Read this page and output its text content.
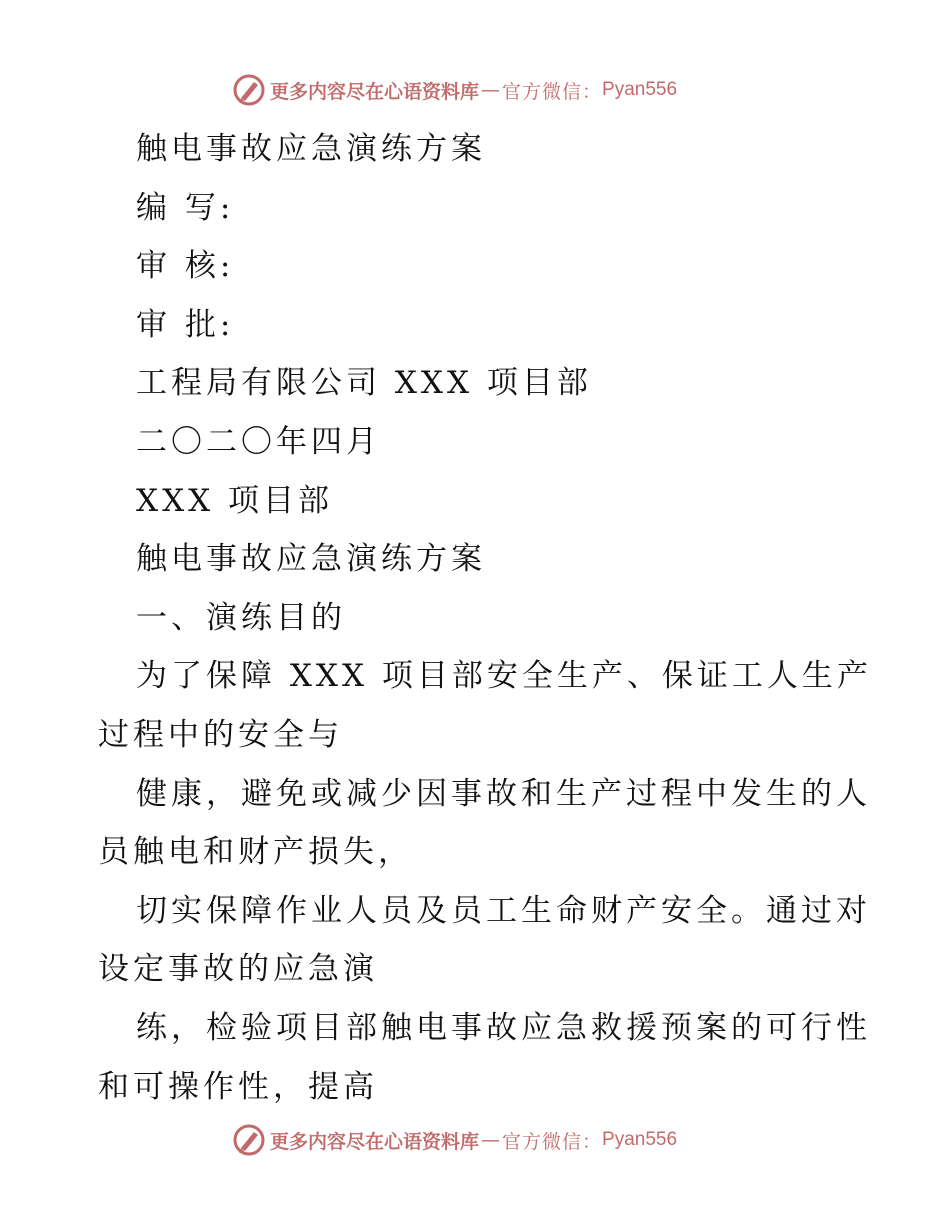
更多内容尽在心语资料库 — 官方微信： Pyan556

触电事故应急演练方案

编 写:

审 核:

审 批:

工程局有限公司 XXX 项目部

二〇二〇年四月

XXX 项目部

触电事故应急演练方案

一、演练目的

为了保障 XXX 项目部安全生产、保证工人生产

过程中的安全与

健康，避免或减少因事故和生产过程中发生的人

员触电和财产损失，

切实保障作业人员及员工生命财产安全。通过对

设定事故的应急演

练，检验项目部触电事故应急救援预案的可行性

和可操作性，提高

更多内容尽在心语资料库 — 官方微信： Pyan556
